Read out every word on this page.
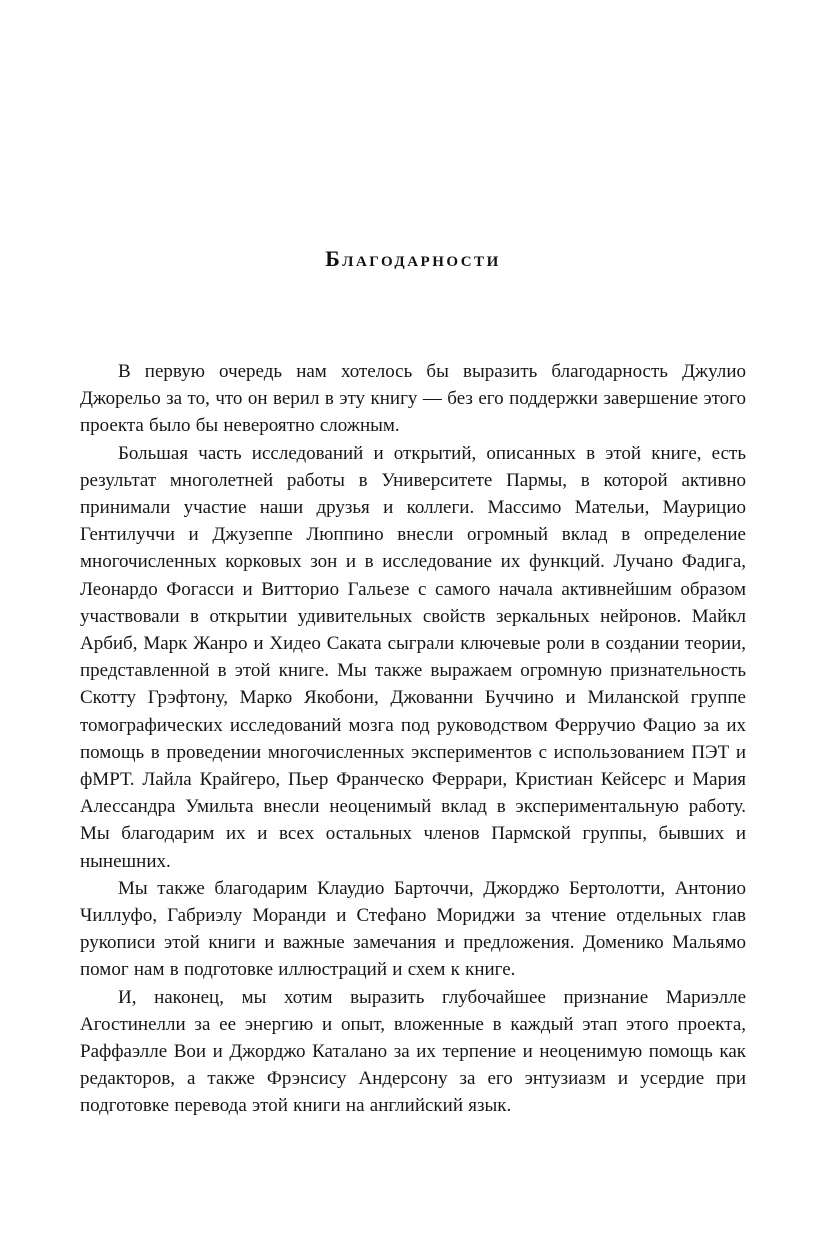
Благодарности

В первую очередь нам хотелось бы выразить благодарность Джулио Джорельо за то, что он верил в эту книгу — без его поддержки завершение этого проекта было бы невероятно сложным.

Большая часть исследований и открытий, описанных в этой книге, есть результат многолетней работы в Университете Пармы, в которой активно принимали участие наши друзья и коллеги. Массимо Мательи, Маурицио Гентилуччи и Джузеппе Люппино внесли огромный вклад в определение многочисленных корковых зон и в исследование их функций. Лучано Фадига, Леонардо Фогасси и Витторио Гальезе с самого начала активнейшим образом участвовали в открытии удивительных свойств зеркальных нейронов. Майкл Арбиб, Марк Жанро и Хидео Саката сыграли ключевые роли в создании теории, представленной в этой книге. Мы также выражаем огромную признательность Скотту Грэфтону, Марко Якобони, Джованни Буччино и Миланской группе томографических исследований мозга под руководством Ферручио Фацио за их помощь в проведении многочисленных экспериментов с использованием ПЭТ и фМРТ. Лайла Крайгеро, Пьер Франческо Феррари, Кристиан Кейсерс и Мария Алессандра Умильта внесли неоценимый вклад в экспериментальную работу. Мы благодарим их и всех остальных членов Пармской группы, бывших и нынешних.

Мы также благодарим Клаудио Барточчи, Джорджо Бертолотти, Антонио Чиллуфо, Габриэлу Моранди и Стефано Мориджи за чтение отдельных глав рукописи этой книги и важные замечания и предложения. Доменико Мальямо помог нам в подготовке иллюстраций и схем к книге.

И, наконец, мы хотим выразить глубочайшее признание Мариэлле Агостинелли за ее энергию и опыт, вложенные в каждый этап этого проекта, Раффаэлле Вои и Джорджо Каталано за их терпение и неоценимую помощь как редакторов, а также Фрэнсису Андерсону за его энтузиазм и усердие при подготовке перевода этой книги на английский язык.
